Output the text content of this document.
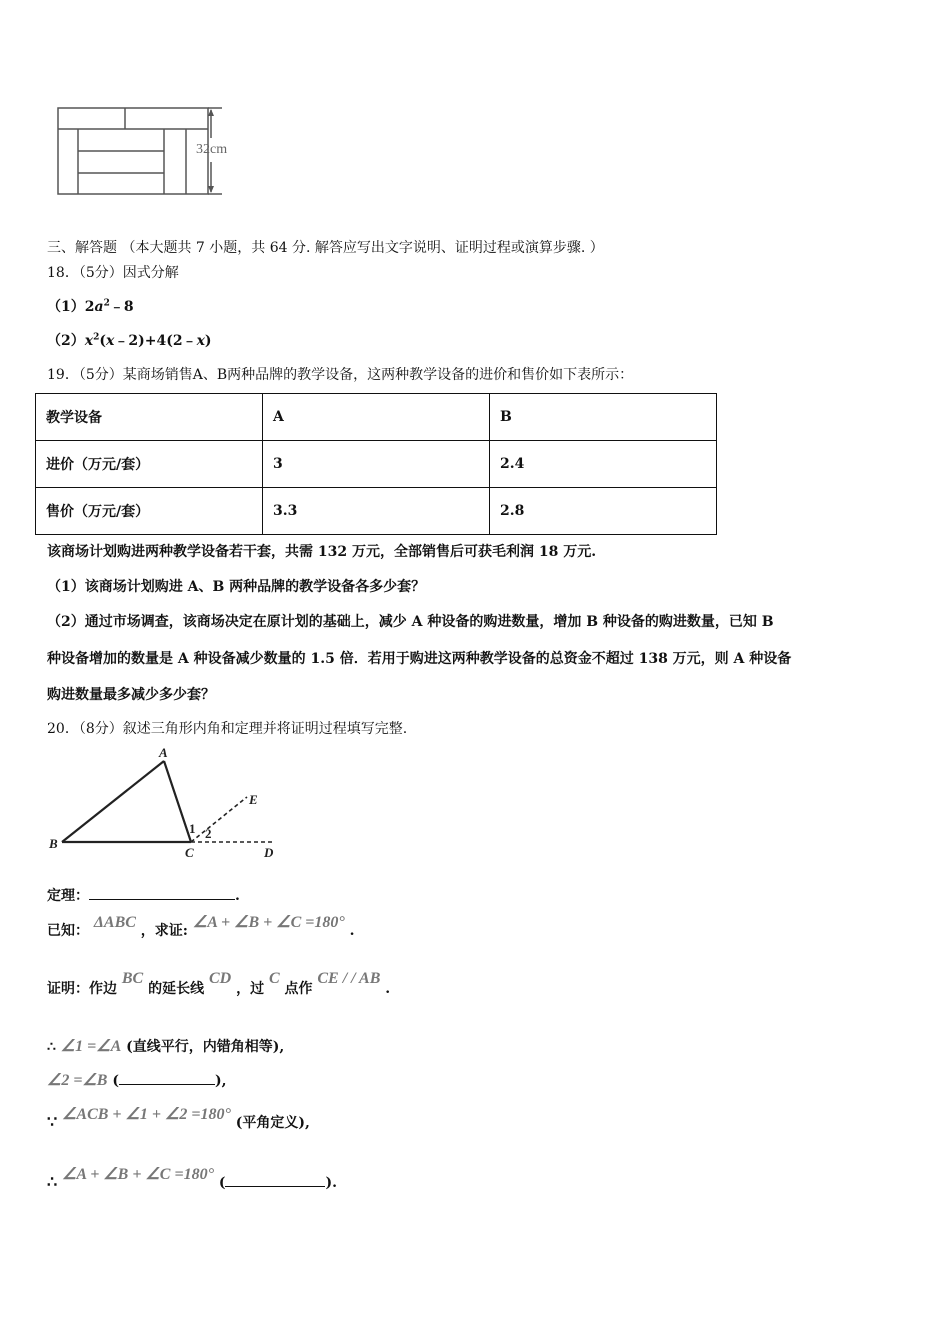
32cm
三、解答题 （本大题共 7 小题，共 64 分. 解答应写出文字说明、证明过程或演算步骤. ）
18．（5分）因式分解
$(1)2a^2﹣8$
$(2)x^2(x﹣2)+4(2﹣x)$
19．（5分）某商场销售A、B两种品牌的教学设备，这两种教学设备的进价和售价如下表所示：
教学设备	A	B
进价（万元/套）	3	2.4
售价（万元/套）	3.3	2.8
该商场计划购进两种教学设备若干套，共需 132 万元，全部销售后可获毛利润 18 万元.
（1）该商场计划购进 A、B 两种品牌的教学设备各多少套？
（2）通过市场调查，该商场决定在原计划的基础上，减少 A 种设备的购进数量，增加 B 种设备的购进数量，已知 B
种设备增加的数量是 A 种设备减少数量的 1.5 倍．若用于购进这两种教学设备的总资金不超过 138 万元，则 A 种设备
购进数量最多减少多少套？
20．（8分）叙述三角形内角和定理并将证明过程填写完整.
A
B
C	D
E
1 2
定理：	.
已知： ΔABC ，求证: ∠A + ∠B + ∠C =180° .
证明：作边 BC 的延长线 CD ，过 C 点作 CE / / AB .
∴ ∠1 =∠A (直线平行，内错角相等),
∠2 =∠B (	),
∵ ∠ACB + ∠1 + ∠2 =180° (平角定义),
∴ ∠A + ∠B + ∠C =180° (	).
